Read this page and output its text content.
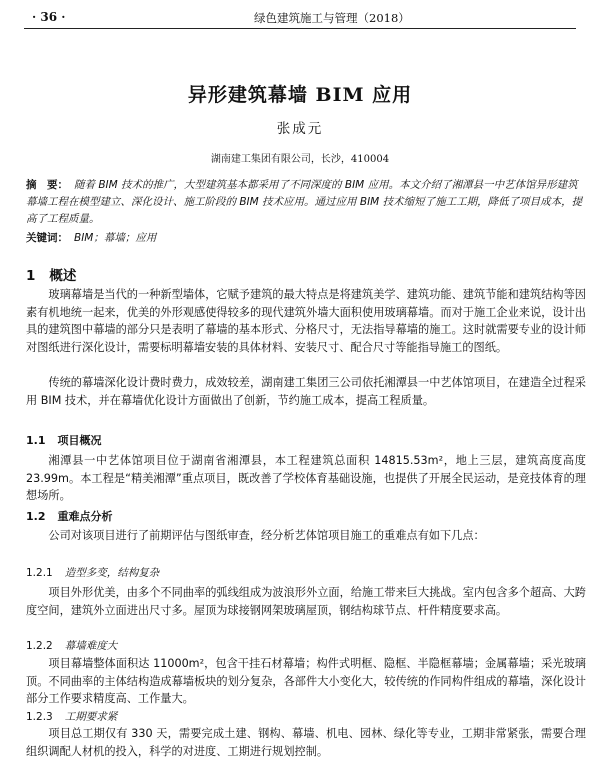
· 36 ·	绿色建筑施工与管理（2018）
异形建筑幕墙 BIM 应用
张成元
湖南建工集团有限公司，长沙，410004
摘　要： 随着 BIM 技术的推广，大型建筑基本都采用了不同深度的 BIM 应用。本文介绍了湘潭县一中艺体馆异形建筑幕墙工程在模型建立、深化设计、施工阶段的 BIM 技术应用。通过应用 BIM 技术缩短了施工工期，降低了项目成本，提高了工程质量。
关键词： BIM；幕墙；应用
1 概述
玻璃幕墙是当代的一种新型墙体，它赋予建筑的最大特点是将建筑美学、建筑功能、建筑节能和建筑结构等因素有机地统一起来，优美的外形观感使得较多的现代建筑外墙大面积使用玻璃幕墙。而对于施工企业来说，设计出具的建筑图中幕墙的部分只是表明了幕墙的基本形式、分格尺寸，无法指导幕墙的施工。这时就需要专业的设计师对图纸进行深化设计，需要标明幕墙安装的具体材料、安装尺寸、配合尺寸等能指导施工的图纸。
传统的幕墙深化设计费时费力，成效较差，湖南建工集团三公司依托湘潭县一中艺体馆项目，在建造全过程采用 BIM 技术，并在幕墙优化设计方面做出了创新，节约施工成本，提高工程质量。
1.1 项目概况
湘潭县一中艺体馆项目位于湖南省湘潭县，本工程建筑总面积 14815.53m²，地上三层，建筑高度高度 23.99m。本工程是“精美湘潭”重点项目，既改善了学校体育基础设施，也提供了开展全民运动，是竞技体育的理想场所。
1.2 重难点分析
公司对该项目进行了前期评估与图纸审查，经分析艺体馆项目施工的重难点有如下几点：
1.2.1 造型多变，结构复杂
项目外形优美，由多个不同曲率的弧线组成为波浪形外立面，给施工带来巨大挑战。室内包含多个超高、大跨度空间，建筑外立面进出尺寸多。屋顶为球接钢网架玻璃屋顶，钢结构球节点、杆件精度要求高。
1.2.2 幕墙难度大
项目幕墙整体面积达 11000m²，包含干挂石材幕墙；构件式明框、隐框、半隐框幕墙；金属幕墙；采光玻璃顶。不同曲率的主体结构造成幕墙板块的划分复杂，各部件大小变化大，较传统的作同构件组成的幕墙，深化设计部分工作要求精度高、工作量大。
1.2.3 工期要求紧
项目总工期仅有 330 天，需要完成土建、钢构、幕墙、机电、园林、绿化等专业，工期非常紧张，需要合理组织调配人材机的投入，科学的对进度、工期进行规划控制。
